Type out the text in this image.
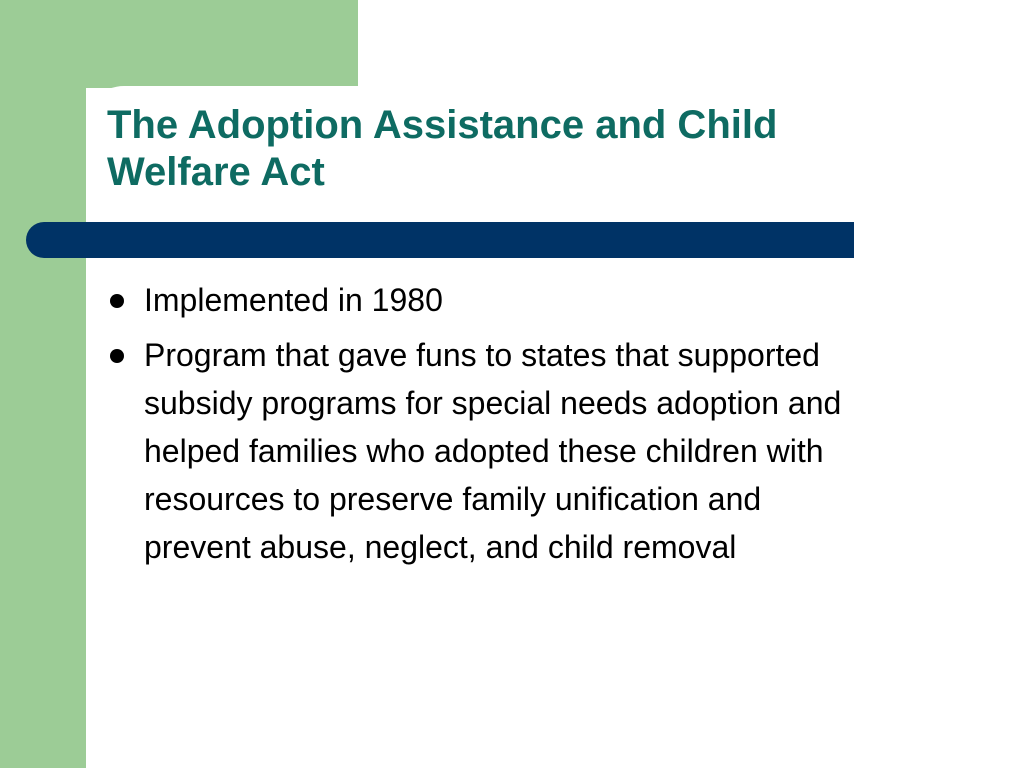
The Adoption Assistance and Child Welfare Act
Implemented in 1980
Program that gave funs to states that supported subsidy programs for special needs adoption and helped families who adopted these children with resources to preserve family unification and prevent abuse, neglect, and child removal
